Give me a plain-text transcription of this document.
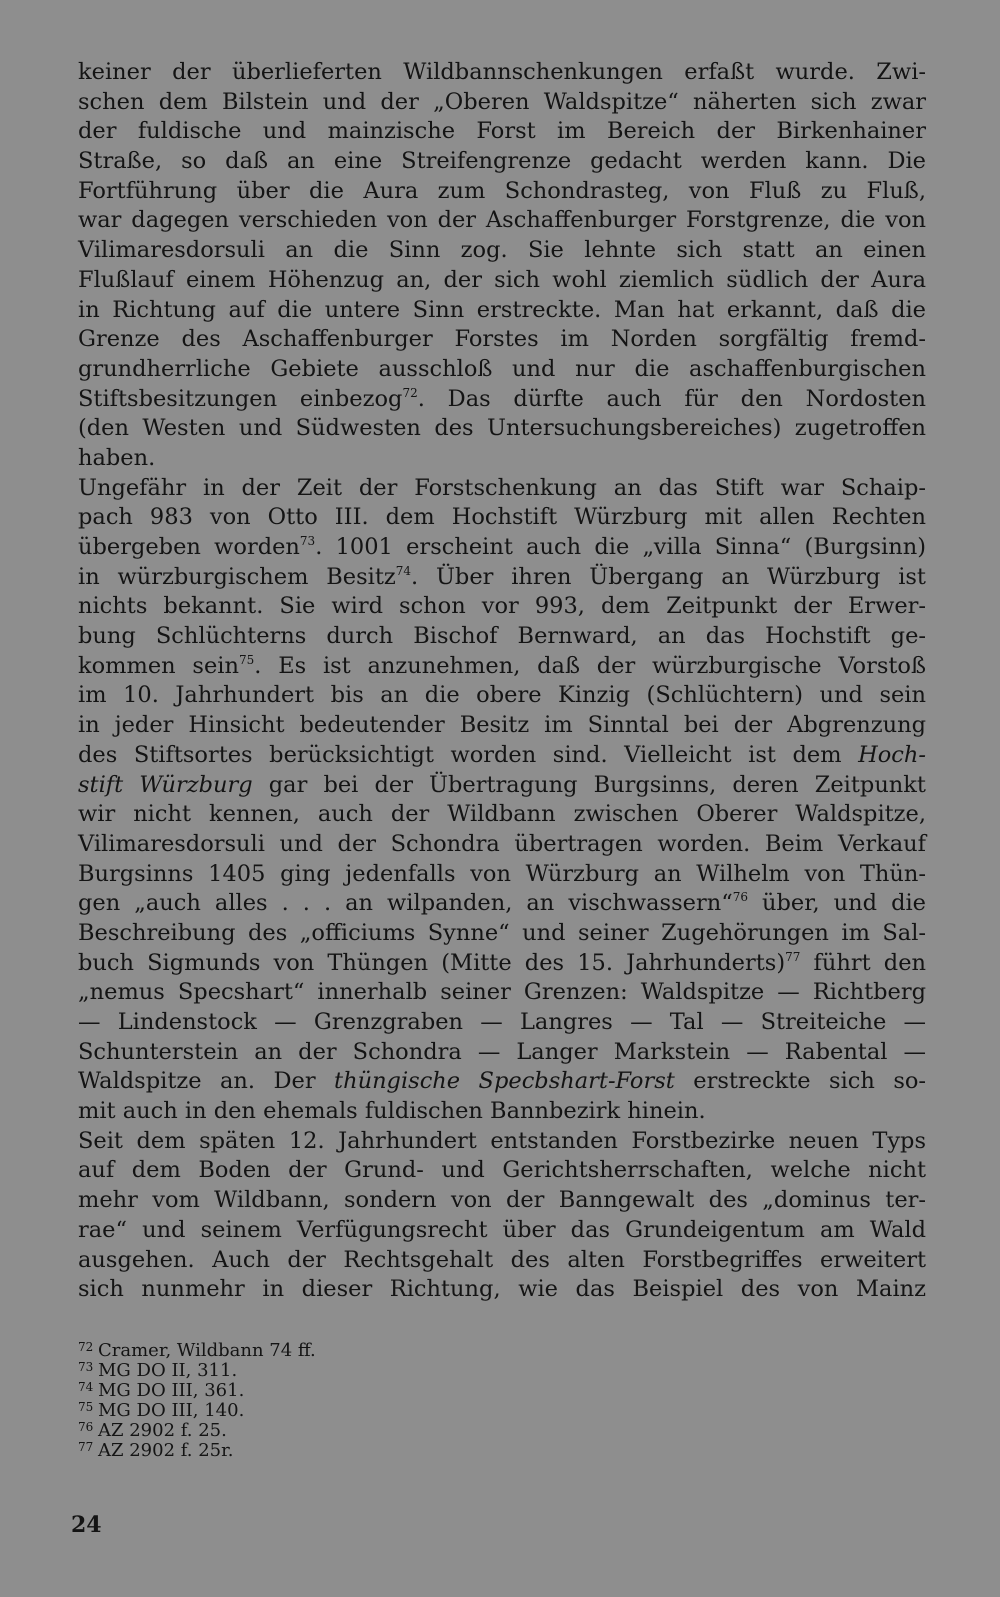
keiner der überlieferten Wildbannschenkungen erfaßt wurde. Zwi-
schen dem Bilstein und der „Oberen Waldspitze“ näherten sich zwar
der fuldische und mainzische Forst im Bereich der Birkenhainer
Straße, so daß an eine Streifengrenze gedacht werden kann. Die
Fortführung über die Aura zum Schondrasteg, von Fluß zu Fluß,
war dagegen verschieden von der Aschaffenburger Forstgrenze, die von
Vilimaresdorsuli an die Sinn zog. Sie lehnte sich statt an einen
Flußlauf einem Höhenzug an, der sich wohl ziemlich südlich der Aura
in Richtung auf die untere Sinn erstreckte. Man hat erkannt, daß die
Grenze des Aschaffenburger Forstes im Norden sorgfältig fremd-
grundherrliche Gebiete ausschloß und nur die aschaffenburgischen
Stiftsbesitzungen einbezog$^{72}$. Das dürfte auch für den Nordosten
(den Westen und Südwesten des Untersuchungsbereiches) zugetroffen
haben.
Ungefähr in der Zeit der Forstschenkung an das Stift war Schaip-
pach 983 von Otto III. dem Hochstift Würzburg mit allen Rechten
übergeben worden$^{73}$. 1001 erscheint auch die „villa Sinna“ (Burgsinn)
in würzburgischem Besitz$^{74}$. Über ihren Übergang an Würzburg ist
nichts bekannt. Sie wird schon vor 993, dem Zeitpunkt der Erwer-
bung Schlüchterns durch Bischof Bernward, an das Hochstift ge-
kommen sein$^{75}$. Es ist anzunehmen, daß der würzburgische Vorstoß
im 10. Jahrhundert bis an die obere Kinzig (Schlüchtern) und sein
in jeder Hinsicht bedeutender Besitz im Sinntal bei der Abgrenzung
des Stiftsortes berücksichtigt worden sind. Vielleicht ist dem Hoch-
stift Würzburg gar bei der Übertragung Burgsinns, deren Zeitpunkt
wir nicht kennen, auch der Wildbann zwischen Oberer Waldspitze,
Vilimaresdorsuli und der Schondra übertragen worden. Beim Verkauf
Burgsinns 1405 ging jedenfalls von Würzburg an Wilhelm von Thün-
gen „auch alles . . . an wilpanden, an vischwassern“$^{76}$ über, und die
Beschreibung des „officiums Synne“ und seiner Zugehörungen im Sal-
buch Sigmunds von Thüngen (Mitte des 15. Jahrhunderts)$^{77}$ führt den
„nemus Specshart“ innerhalb seiner Grenzen: Waldspitze — Richtberg
— Lindenstock — Grenzgraben — Langres — Tal — Streiteiche —
Schunterstein an der Schondra — Langer Markstein — Rabental —
Waldspitze an. Der thüngische Specbshart-Forst erstreckte sich so-
mit auch in den ehemals fuldischen Bannbezirk hinein.
Seit dem späten 12. Jahrhundert entstanden Forstbezirke neuen Typs
auf dem Boden der Grund- und Gerichtsherrschaften, welche nicht
mehr vom Wildbann, sondern von der Banngewalt des „dominus ter-
rae“ und seinem Verfügungsrecht über das Grundeigentum am Wald
ausgehen. Auch der Rechtsgehalt des alten Forstbegriffes erweitert
sich nunmehr in dieser Richtung, wie das Beispiel des von Mainz
72 Cramer, Wildbann 74 ff.
73 MG DO II, 311.
74 MG DO III, 361.
75 MG DO III, 140.
76 AZ 2902 f. 25.
77 AZ 2902 f. 25r.
24
